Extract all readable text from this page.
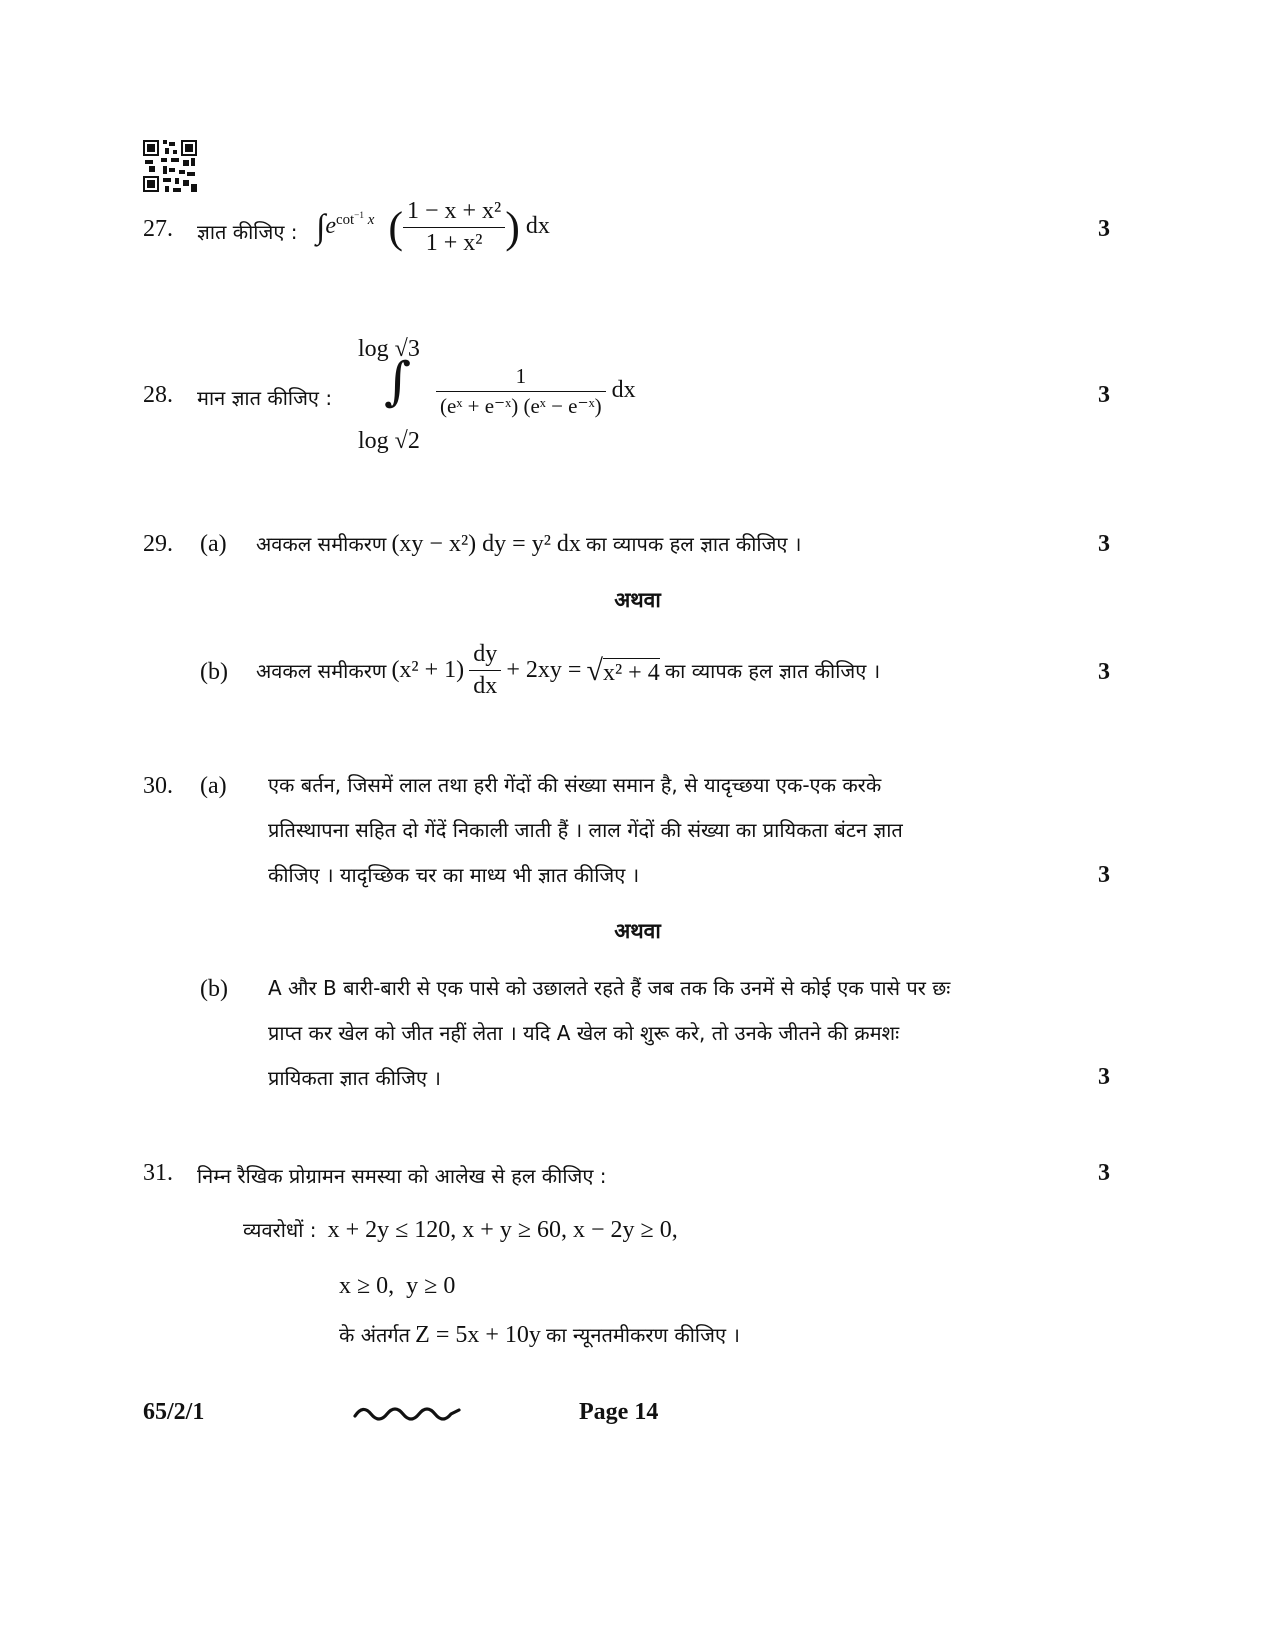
27. ज्ञात कीजिए : $\int e^{cot^{-1} x}$ ( $\frac{\text{1 − x + x²}}{\text{1 + x²}}$ ) dx	3
28. मान ज्ञात कीजिए :
log √3
∫
log √2
$\frac{1}{\text{(eˣ + e⁻ˣ) (eˣ − e⁻ˣ)}}$ dx	3
29. (a) अवकल समीकरण (xy − x²) dy = y² dx का व्यापक हल ज्ञात कीजिए ।	3
अथवा
(b) अवकल समीकरण $(x^2 + 1) \frac{dy}{dx} + 2xy = √x^2 + 4$ का व्यापक हल ज्ञात कीजिए ।	3
30. (a) एक बर्तन, जिसमें लाल तथा हरी गेंदों की संख्या समान है, से यादृच्छया एक-एक करके
प्रतिस्थापना सहित दो गेंदें निकाली जाती हैं । लाल गेंदों की संख्या का प्रायिकता बंटन ज्ञात
कीजिए । यादृच्छिक चर का माध्य भी ज्ञात कीजिए ।	3
अथवा
(b) A और B बारी-बारी से एक पासे को उछालते रहते हैं जब तक कि उनमें से कोई एक पासे पर छः
प्राप्त कर खेल को जीत नहीं लेता । यदि A खेल को शुरू करे, तो उनके जीतने की क्रमशः
प्रायिकता ज्ञात कीजिए ।	3
31. निम्न रैखिक प्रोग्रामन समस्या को आलेख से हल कीजिए :	3
व्यवरोधों : x + 2y ≤ 120, x + y ≥ 60, x − 2y ≥ 0,
x ≥ 0,  y ≥ 0
के अंतर्गत Z = 5x + 10y का न्यूनतमीकरण कीजिए ।
65/2/1	Page 14
